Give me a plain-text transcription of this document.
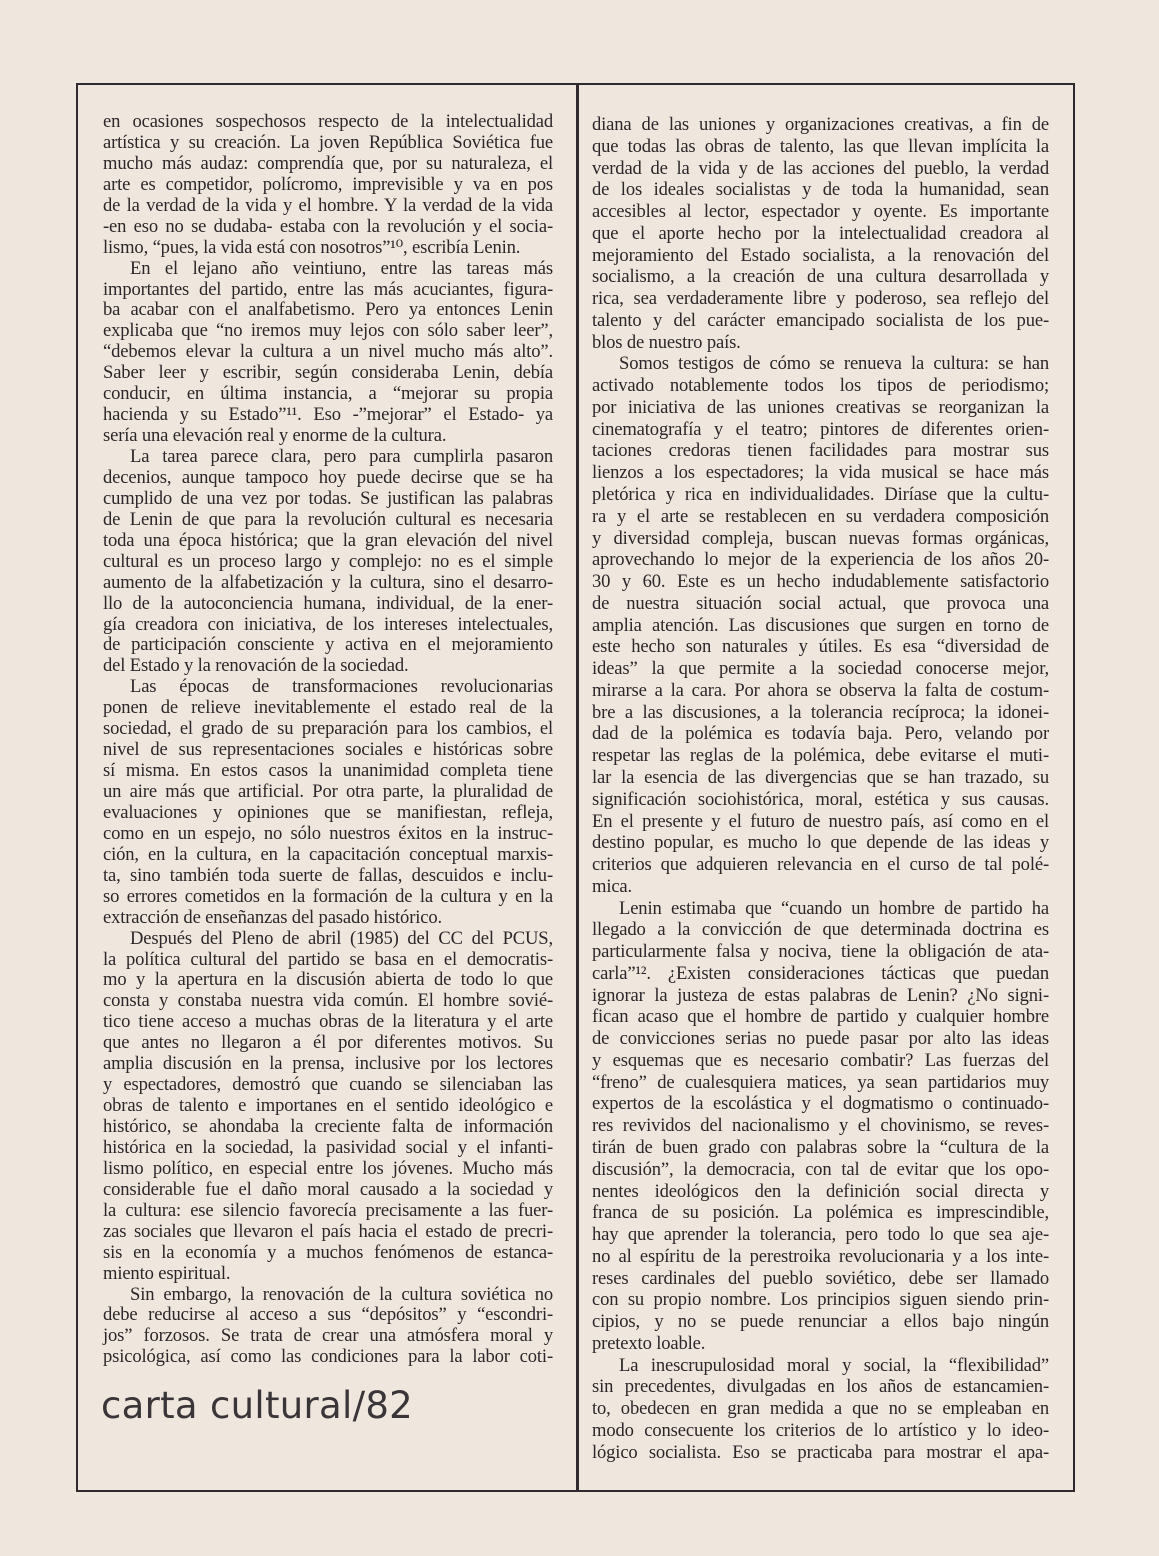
en ocasiones sospechosos respecto de la intelectualidad
artística y su creación. La joven República Soviética fue
mucho más audaz: comprendía que, por su naturaleza, el
arte es competidor, polícromo, imprevisible y va en pos
de la verdad de la vida y el hombre. Y la verdad de la vida
-en eso no se dudaba- estaba con la revolución y el socia-
lismo, “pues, la vida está con nosotros”¹⁰, escribía Lenin.
En el lejano año veintiuno, entre las tareas más
importantes del partido, entre las más acuciantes, figura-
ba acabar con el analfabetismo. Pero ya entonces Lenin
explicaba que “no iremos muy lejos con sólo saber leer”,
“debemos elevar la cultura a un nivel mucho más alto”.
Saber leer y escribir, según consideraba Lenin, debía
conducir, en última instancia, a “mejorar su propia
hacienda y su Estado”¹¹. Eso -”mejorar” el Estado- ya
sería una elevación real y enorme de la cultura.
La tarea parece clara, pero para cumplirla pasaron
decenios, aunque tampoco hoy puede decirse que se ha
cumplido de una vez por todas. Se justifican las palabras
de Lenin de que para la revolución cultural es necesaria
toda una época histórica; que la gran elevación del nivel
cultural es un proceso largo y complejo: no es el simple
aumento de la alfabetización y la cultura, sino el desarro-
llo de la autoconciencia humana, individual, de la ener-
gía creadora con iniciativa, de los intereses intelectuales,
de participación consciente y activa en el mejoramiento
del Estado y la renovación de la sociedad.
Las épocas de transformaciones revolucionarias
ponen de relieve inevitablemente el estado real de la
sociedad, el grado de su preparación para los cambios, el
nivel de sus representaciones sociales e históricas sobre
sí misma. En estos casos la unanimidad completa tiene
un aire más que artificial. Por otra parte, la pluralidad de
evaluaciones y opiniones que se manifiestan, refleja,
como en un espejo, no sólo nuestros éxitos en la instruc-
ción, en la cultura, en la capacitación conceptual marxis-
ta, sino también toda suerte de fallas, descuidos e inclu-
so errores cometidos en la formación de la cultura y en la
extracción de enseñanzas del pasado histórico.
Después del Pleno de abril (1985) del CC del PCUS,
la política cultural del partido se basa en el democratis-
mo y la apertura en la discusión abierta de todo lo que
consta y constaba nuestra vida común. El hombre sovié-
tico tiene acceso a muchas obras de la literatura y el arte
que antes no llegaron a él por diferentes motivos. Su
amplia discusión en la prensa, inclusive por los lectores
y espectadores, demostró que cuando se silenciaban las
obras de talento e importanes en el sentido ideológico e
histórico, se ahondaba la creciente falta de información
histórica en la sociedad, la pasividad social y el infanti-
lismo político, en especial entre los jóvenes. Mucho más
considerable fue el daño moral causado a la sociedad y
la cultura: ese silencio favorecía precisamente a las fuer-
zas sociales que llevaron el país hacia el estado de precri-
sis en la economía y a muchos fenómenos de estanca-
miento espiritual.
Sin embargo, la renovación de la cultura soviética no
debe reducirse al acceso a sus “depósitos” y “escondri-
jos” forzosos. Se trata de crear una atmósfera moral y
psicológica, así como las condiciones para la labor coti-
diana de las uniones y organizaciones creativas, a fin de
que todas las obras de talento, las que llevan implícita la
verdad de la vida y de las acciones del pueblo, la verdad
de los ideales socialistas y de toda la humanidad, sean
accesibles al lector, espectador y oyente. Es importante
que el aporte hecho por la intelectualidad creadora al
mejoramiento del Estado socialista, a la renovación del
socialismo, a la creación de una cultura desarrollada y
rica, sea verdaderamente libre y poderoso, sea reflejo del
talento y del carácter emancipado socialista de los pue-
blos de nuestro país.
Somos testigos de cómo se renueva la cultura: se han
activado notablemente todos los tipos de periodismo;
por iniciativa de las uniones creativas se reorganizan la
cinematografía y el teatro; pintores de diferentes orien-
taciones credoras tienen facilidades para mostrar sus
lienzos a los espectadores; la vida musical se hace más
pletórica y rica en individualidades. Diríase que la cultu-
ra y el arte se restablecen en su verdadera composición
y diversidad compleja, buscan nuevas formas orgánicas,
aprovechando lo mejor de la experiencia de los años 20-
30 y 60. Este es un hecho indudablemente satisfactorio
de nuestra situación social actual, que provoca una
amplia atención. Las discusiones que surgen en torno de
este hecho son naturales y útiles. Es esa “diversidad de
ideas” la que permite a la sociedad conocerse mejor,
mirarse a la cara. Por ahora se observa la falta de costum-
bre a las discusiones, a la tolerancia recíproca; la idonei-
dad de la polémica es todavía baja. Pero, velando por
respetar las reglas de la polémica, debe evitarse el muti-
lar la esencia de las divergencias que se han trazado, su
significación sociohistórica, moral, estética y sus causas.
En el presente y el futuro de nuestro país, así como en el
destino popular, es mucho lo que depende de las ideas y
criterios que adquieren relevancia en el curso de tal polé-
mica.
Lenin estimaba que “cuando un hombre de partido ha
llegado a la convicción de que determinada doctrina es
particularmente falsa y nociva, tiene la obligación de ata-
carla”¹². ¿Existen consideraciones tácticas que puedan
ignorar la justeza de estas palabras de Lenin? ¿No signi-
fican acaso que el hombre de partido y cualquier hombre
de convicciones serias no puede pasar por alto las ideas
y esquemas que es necesario combatir? Las fuerzas del
“freno” de cualesquiera matices, ya sean partidarios muy
expertos de la escolástica y el dogmatismo o continuado-
res revividos del nacionalismo y el chovinismo, se reves-
tirán de buen grado con palabras sobre la “cultura de la
discusión”, la democracia, con tal de evitar que los opo-
nentes ideológicos den la definición social directa y
franca de su posición. La polémica es imprescindible,
hay que aprender la tolerancia, pero todo lo que sea aje-
no al espíritu de la perestroika revolucionaria y a los inte-
reses cardinales del pueblo soviético, debe ser llamado
con su propio nombre. Los principios siguen siendo prin-
cipios, y no se puede renunciar a ellos bajo ningún
pretexto loable.
La inescrupulosidad moral y social, la “flexibilidad”
sin precedentes, divulgadas en los años de estancamien-
to, obedecen en gran medida a que no se empleaban en
modo consecuente los criterios de lo artístico y lo ideo-
lógico socialista. Eso se practicaba para mostrar el apa-
carta cultural/82
